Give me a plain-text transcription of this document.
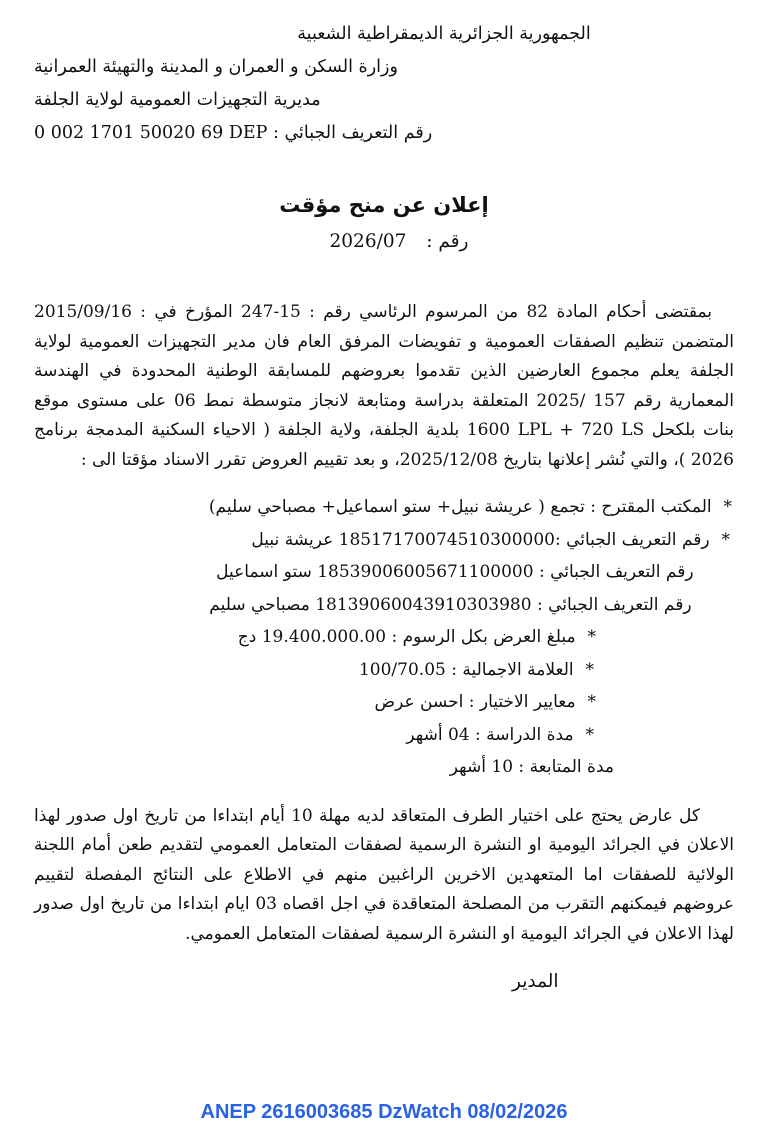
الجمهورية الجزائرية الديمقراطية الشعبية
وزارة السكن و العمران و المدينة والتهيئة العمرانية
مديرية التجهيزات العمومية لولاية الجلفة
رقم التعريف الجبائي : 0 002 1701 50020 69 DEP
إعلان عن منح مؤقت
رقم : 2026/07

بمقتضى أحكام المادة 82 من المرسوم الرئاسي رقم : 15-247 المؤرخ في : 2015/09/16 المتضمن تنظيم الصفقات العمومية و تفويضات المرفق العام فان مدير التجهيزات العمومية لولاية الجلفة يعلم مجموع العارضين الذين تقدموا بعروضهم للمسابقة الوطنية المحدودة في الهندسة المعمارية رقم 157 /2025 المتعلقة بدراسة ومتابعة لانجاز متوسطة نمط 06 على مستوى موقع بنات بلكحل 1600 LPL + 720 LS بلدية الجلفة، ولاية الجلفة ( الاحياء السكنية المدمجة برنامج 2026 )، والتي نُشر إعلانها بتاريخ 2025/12/08، و بعد تقييم العروض تقرر الاسناد مؤقتا الى :

* المكتب المقترح : تجمع ( عريشة نبيل+ ستو اسماعيل+ مصباحي سليم)
* رقم التعريف الجبائي :18517170074510300000 عريشة نبيل
رقم التعريف الجبائي : 18539006005671100000 ستو اسماعيل
رقم التعريف الجبائي : 18139060043910303980 مصباحي سليم
* مبلغ العرض بكل الرسوم : 19.400.000.00 دج
* العلامة الاجمالية : 100/70.05
* معايير الاختيار : احسن عرض
* مدة الدراسة : 04 أشهر
مدة المتابعة : 10 أشهر

كل عارض يحتج على اختيار الطرف المتعاقد لديه مهلة 10 أيام ابتداءا من تاريخ اول صدور لهذا الاعلان في الجرائد اليومية او النشرة الرسمية لصفقات المتعامل العمومي لتقديم طعن أمام اللجنة الولائية للصفقات اما المتعهدين الاخرين الراغبين منهم في الاطلاع على النتائج المفصلة لتقييم عروضهم فيمكنهم التقرب من المصلحة المتعاقدة في اجل اقصاه 03 ايام ابتداءا من تاريخ اول صدور لهذا الاعلان في الجرائد اليومية او النشرة الرسمية لصفقات المتعامل العمومي.

المدير
ANEP 2616003685 DzWatch 08/02/2026
